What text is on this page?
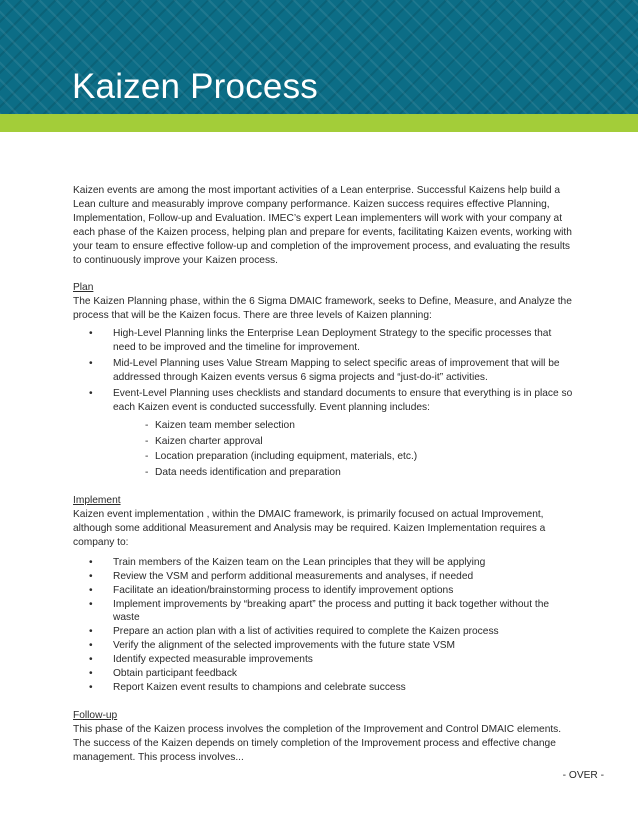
Kaizen Process

Kaizen events are among the most important activities of a Lean enterprise. Successful Kaizens help build a Lean culture and measurably improve company performance. Kaizen success requires effective Planning, Implementation, Follow-up and Evaluation. IMEC’s expert Lean implementers will work with your company at each phase of the Kaizen process, helping plan and prepare for events, facilitating Kaizen events, working with your team to ensure effective follow-up and completion of the improvement process, and evaluating the results to continuously improve your Kaizen process.

Plan

The Kaizen Planning phase, within the 6 Sigma DMAIC framework, seeks to Define, Measure, and Analyze the process that will be the Kaizen focus. There are three levels of Kaizen planning:

• High-Level Planning links the Enterprise Lean Deployment Strategy to the specific processes that need to be improved and the timeline for improvement.
• Mid-Level Planning uses Value Stream Mapping to select specific areas of improvement that will be addressed through Kaizen events versus 6 sigma projects and “just-do-it” activities.
• Event-Level Planning uses checklists and standard documents to ensure that everything is in place so each Kaizen event is conducted successfully. Event planning includes:
- Kaizen team member selection
- Kaizen charter approval
- Location preparation (including equipment, materials, etc.)
- Data needs identification and preparation

Implement

Kaizen event implementation , within the DMAIC framework, is primarily focused on actual Improvement, although some additional Measurement and Analysis may be required. Kaizen Implementation requires a company to:

• Train members of the Kaizen team on the Lean principles that they will be applying
• Review the VSM and perform additional measurements and analyses, if needed
• Facilitate an ideation/brainstorming process to identify improvement options
• Implement improvements by “breaking apart” the process and putting it back together without the waste
• Prepare an action plan with a list of activities required to complete the Kaizen process
• Verify the alignment of the selected improvements with the future state VSM
• Identify expected measurable improvements
• Obtain participant feedback
• Report Kaizen event results to champions and celebrate success

Follow-up

This phase of the Kaizen process involves the completion of the Improvement and Control DMAIC elements. The success of the Kaizen depends on timely completion of the Improvement process and effective change management. This process involves...

- OVER -
